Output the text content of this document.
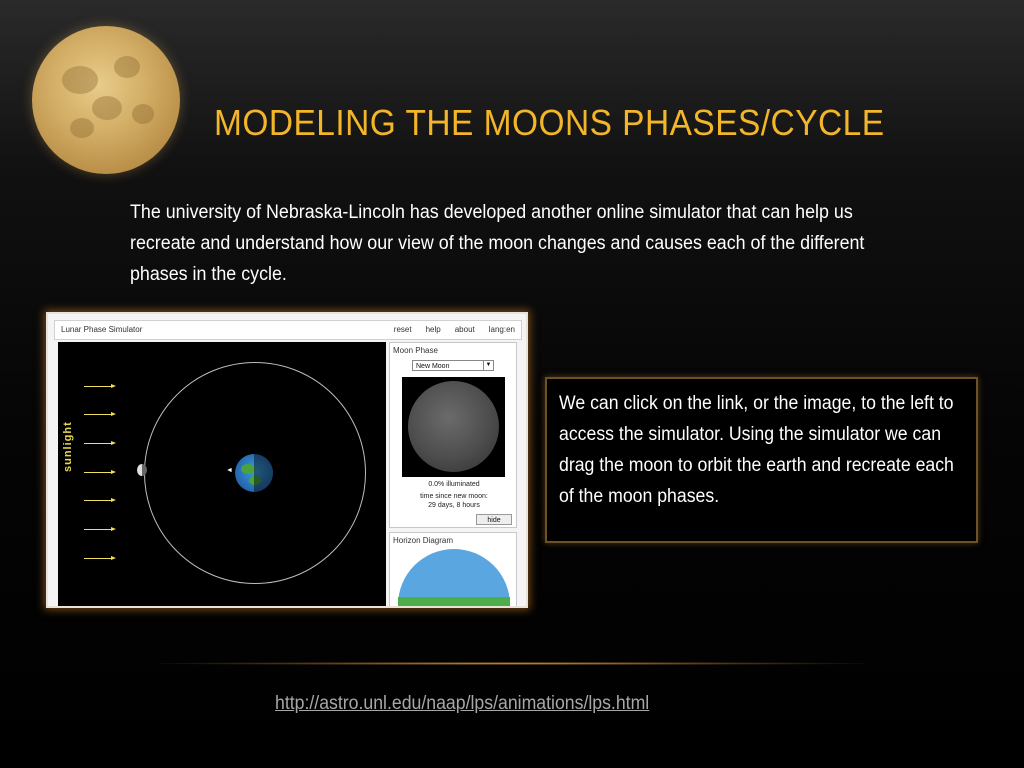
MODELING THE MOONS PHASES/CYCLE

The university of Nebraska-Lincoln has developed another online simulator that can help us recreate and understand how our view of the moon changes and causes each of the different phases in the cycle.

Lunar Phase Simulator	reset help about lang:en
sunlight	◄
Moon Phase
New Moon	▼
0.0% illuminated
time since new moon:
29 days, 8 hours
hide
Horizon Diagram

We can click on the link, or the image, to the left to access the simulator. Using the simulator we can drag the moon to orbit the earth and recreate each of the moon phases.

http://astro.unl.edu/naap/lps/animations/lps.html
